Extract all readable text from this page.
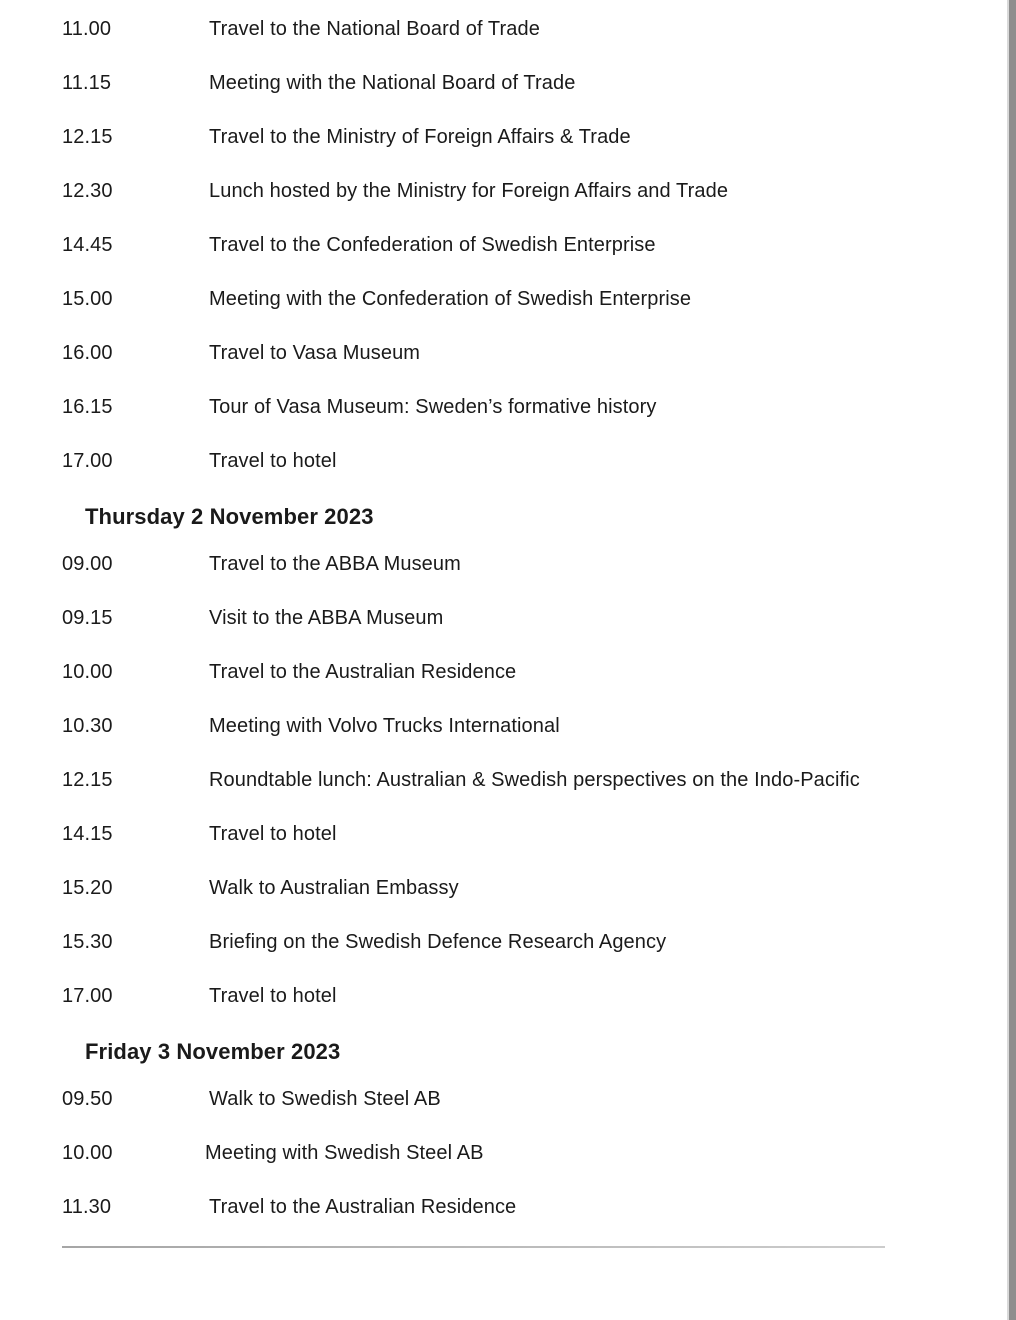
11.00	Travel to the National Board of Trade
11.15	Meeting with the National Board of Trade
12.15	Travel to the Ministry of Foreign Affairs & Trade
12.30	Lunch hosted by the Ministry for Foreign Affairs and Trade
14.45	Travel to the Confederation of Swedish Enterprise
15.00	Meeting with the Confederation of Swedish Enterprise
16.00	Travel to Vasa Museum
16.15	Tour of Vasa Museum: Sweden’s formative history
17.00	Travel to hotel
Thursday 2 November 2023
09.00	Travel to the ABBA Museum
09.15	Visit to the ABBA Museum
10.00	Travel to the Australian Residence
10.30	Meeting with Volvo Trucks International
12.15	Roundtable lunch: Australian & Swedish perspectives on the Indo-Pacific
14.15	Travel to hotel
15.20	Walk to Australian Embassy
15.30	Briefing on the Swedish Defence Research Agency
17.00	Travel to hotel
Friday 3 November 2023
09.50	Walk to Swedish Steel AB
10.00	Meeting with Swedish Steel AB
11.30	Travel to the Australian Residence
